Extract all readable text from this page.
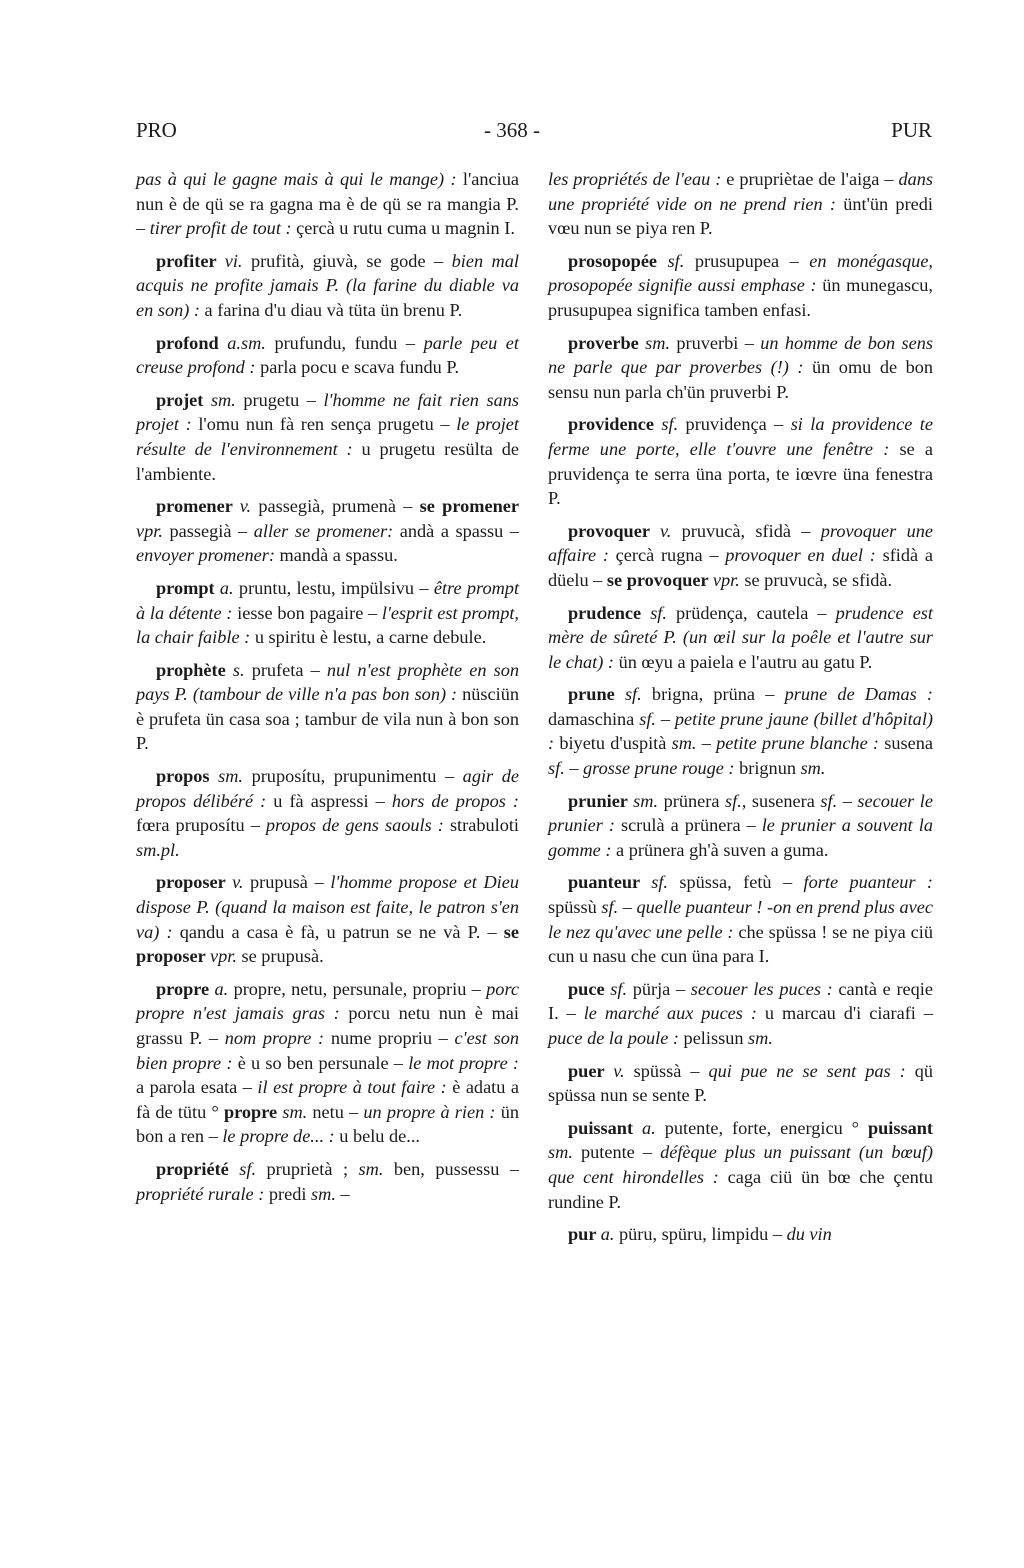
PRO	- 368 -	PUR

pas à qui le gagne mais à qui le mange) : l'anciua nun è de qü se ra gagna ma è de qü se ra mangia P. – tirer profit de tout : çercà u rutu cuma u magnin I.

profiter vi. prufità, giuvà, se gode – bien mal acquis ne profite jamais P. (la farine du diable va en son) : a farina d'u diau và tüta ün brenu P.

profond a.sm. prufundu, fundu – parle peu et creuse profond : parla pocu e scava fundu P.

projet sm. prugetu – l'homme ne fait rien sans projet : l'omu nun fà ren sença prugetu – le projet résulte de l'environnement : u prugetu resülta de l'ambiente.

promener v. passegià, prumenà – se promener vpr. passegià – aller se promener: andà a spassu – envoyer promener: mandà a spassu.

prompt a. pruntu, lestu, impülsivu – être prompt à la détente : iesse bon pagaire – l'esprit est prompt, la chair faible : u spiritu è lestu, a carne debule.

prophète s. prufeta – nul n'est prophète en son pays P. (tambour de ville n'a pas bon son) : nüsciün è prufeta ün casa soa ; tambur de vila nun à bon son P.

propos sm. pruposítu, prupunimentu – agir de propos délibéré : u fà aspressi – hors de propos : fœra pruposítu – propos de gens saouls : strabuloti sm.pl.

proposer v. prupusà – l'homme propose et Dieu dispose P. (quand la maison est faite, le patron s'en va) : qandu a casa è fà, u patrun se ne và P. – se proposer vpr. se prupusà.

propre a. propre, netu, persunale, propriu – porc propre n'est jamais gras : porcu netu nun è mai grassu P. – nom propre : nume propriu – c'est son bien propre : è u so ben persunale – le mot propre : a parola esata – il est propre à tout faire : è adatu a fà de tütu ° propre sm. netu – un propre à rien : ün bon a ren – le propre de... : u belu de...

propriété sf. pruprietà ; sm. ben, pussessu – propriété rurale : predi sm. –

les propriétés de l'eau : e prupriètae de l'aiga – dans une propriété vide on ne prend rien : ünt'ün predi vœu nun se piya ren P.

prosopopée sf. prusupupea – en monégasque, prosopopée signifie aussi emphase : ün munegascu, prusupupea significa tamben enfasi.

proverbe sm. pruverbi – un homme de bon sens ne parle que par proverbes (!) : ün omu de bon sensu nun parla ch'ün pruverbi P.

providence sf. pruvidença – si la providence te ferme une porte, elle t'ouvre une fenêtre : se a pruvidença te serra üna porta, te iœvre üna fenestra P.

provoquer v. pruvucà, sfidà – provoquer une affaire : çercà rugna – provoquer en duel : sfidà a düelu – se provoquer vpr. se pruvucà, se sfidà.

prudence sf. prüdença, cautela – prudence est mère de sûreté P. (un œil sur la poêle et l'autre sur le chat) : ün œyu a paiela e l'autru au gatu P.

prune sf. brigna, prüna – prune de Damas : damaschina sf. – petite prune jaune (billet d'hôpital) : biyetu d'uspità sm. – petite prune blanche : susena sf. – grosse prune rouge : brignun sm.

prunier sm. prünera sf., susenera sf. – secouer le prunier : scrulà a prünera – le prunier a souvent la gomme : a prünera gh'à suven a guma.

puanteur sf. spüssa, fetù – forte puanteur : spüssù sf. – quelle puanteur ! -on en prend plus avec le nez qu'avec une pelle : che spüssa ! se ne piya ciü cun u nasu che cun üna para I.

puce sf. pürja – secouer les puces : cantà e reqie I. – le marché aux puces : u marcau d'i ciarafi – puce de la poule : pelissun sm.

puer v. spüssà – qui pue ne se sent pas : qü spüssa nun se sente P.

puissant a. putente, forte, energicu ° puissant sm. putente – défèque plus un puissant (un bœuf) que cent hirondelles : caga ciü ün bœ che çentu rundine P.

pur a. püru, spüru, limpidu – du vin
